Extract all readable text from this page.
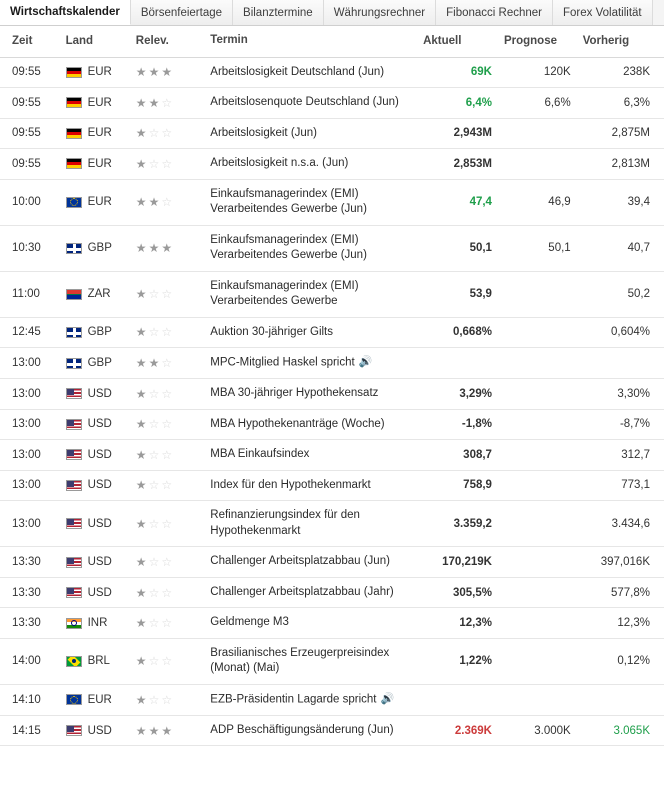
Wirtschaftskalender Börsenfeiertage Bilanztermine Währungsrechner Fibonacci Rechner Forex Volatilität
Zeit	Land	Relev.	Termin	Aktuell	Prognose	Vorherig
09:55	EUR	★★★	Arbeitslosigkeit Deutschland (Jun)	69K	120K	238K
09:55	EUR	★★☆	Arbeitslosenquote Deutschland (Jun)	6,4%	6,6%	6,3%
09:55	EUR	★☆☆	Arbeitslosigkeit (Jun)	2,943M		2,875M
09:55	EUR	★☆☆	Arbeitslosigkeit n.s.a. (Jun)	2,853M		2,813M
10:00	EUR	★★☆	Einkaufsmanagerindex (EMI) Verarbeitendes Gewerbe (Jun)	47,4	46,9	39,4
10:30	GBP	★★★	Einkaufsmanagerindex (EMI) Verarbeitendes Gewerbe (Jun)	50,1	50,1	40,7
11:00	ZAR	★☆☆	Einkaufsmanagerindex (EMI) Verarbeitendes Gewerbe	53,9		50,2
12:45	GBP	★☆☆	Auktion 30-jähriger Gilts	0,668%		0,604%
13:00	GBP	★★☆	MPC-Mitglied Haskel spricht 🔊			
13:00	USD	★☆☆	MBA 30-jähriger Hypothekensatz	3,29%		3,30%
13:00	USD	★☆☆	MBA Hypothekenanträge (Woche)	-1,8%		-8,7%
13:00	USD	★☆☆	MBA Einkaufsindex	308,7		312,7
13:00	USD	★☆☆	Index für den Hypothekenmarkt	758,9		773,1
13:00	USD	★☆☆	Refinanzierungsindex für den Hypothekenmarkt	3.359,2		3.434,6
13:30	USD	★☆☆	Challenger Arbeitsplatzabbau (Jun)	170,219K		397,016K
13:30	USD	★☆☆	Challenger Arbeitsplatzabbau (Jahr)	305,5%		577,8%
13:30	INR	★☆☆	Geldmenge M3	12,3%		12,3%
14:00	BRL	★☆☆	Brasilianisches Erzeugerpreisindex (Monat) (Mai)	1,22%		0,12%
14:10	EUR	★☆☆	EZB-Präsidentin Lagarde spricht 🔊			
14:15	USD	★★★	ADP Beschäftigungsänderung (Jun)	2.369K	3.000K	3.065K
